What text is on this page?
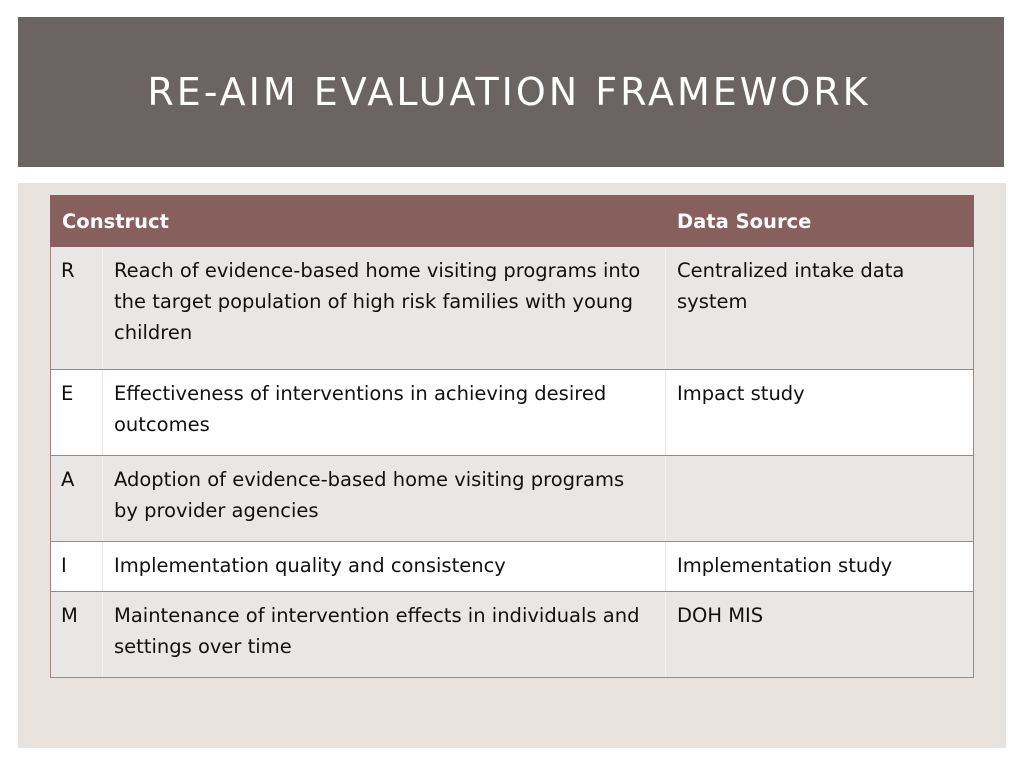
RE-AIM EVALUATION FRAMEWORK
Construct		Data Source
R	Reach of evidence-based home visiting programs into the target population of high risk families with young children	Centralized intake data system
E	Effectiveness of interventions in achieving desired outcomes	Impact study
A	Adoption of evidence-based home visiting programs by provider agencies	
I	Implementation quality and consistency	Implementation study
M	Maintenance of intervention effects in individuals and settings over time	DOH MIS
